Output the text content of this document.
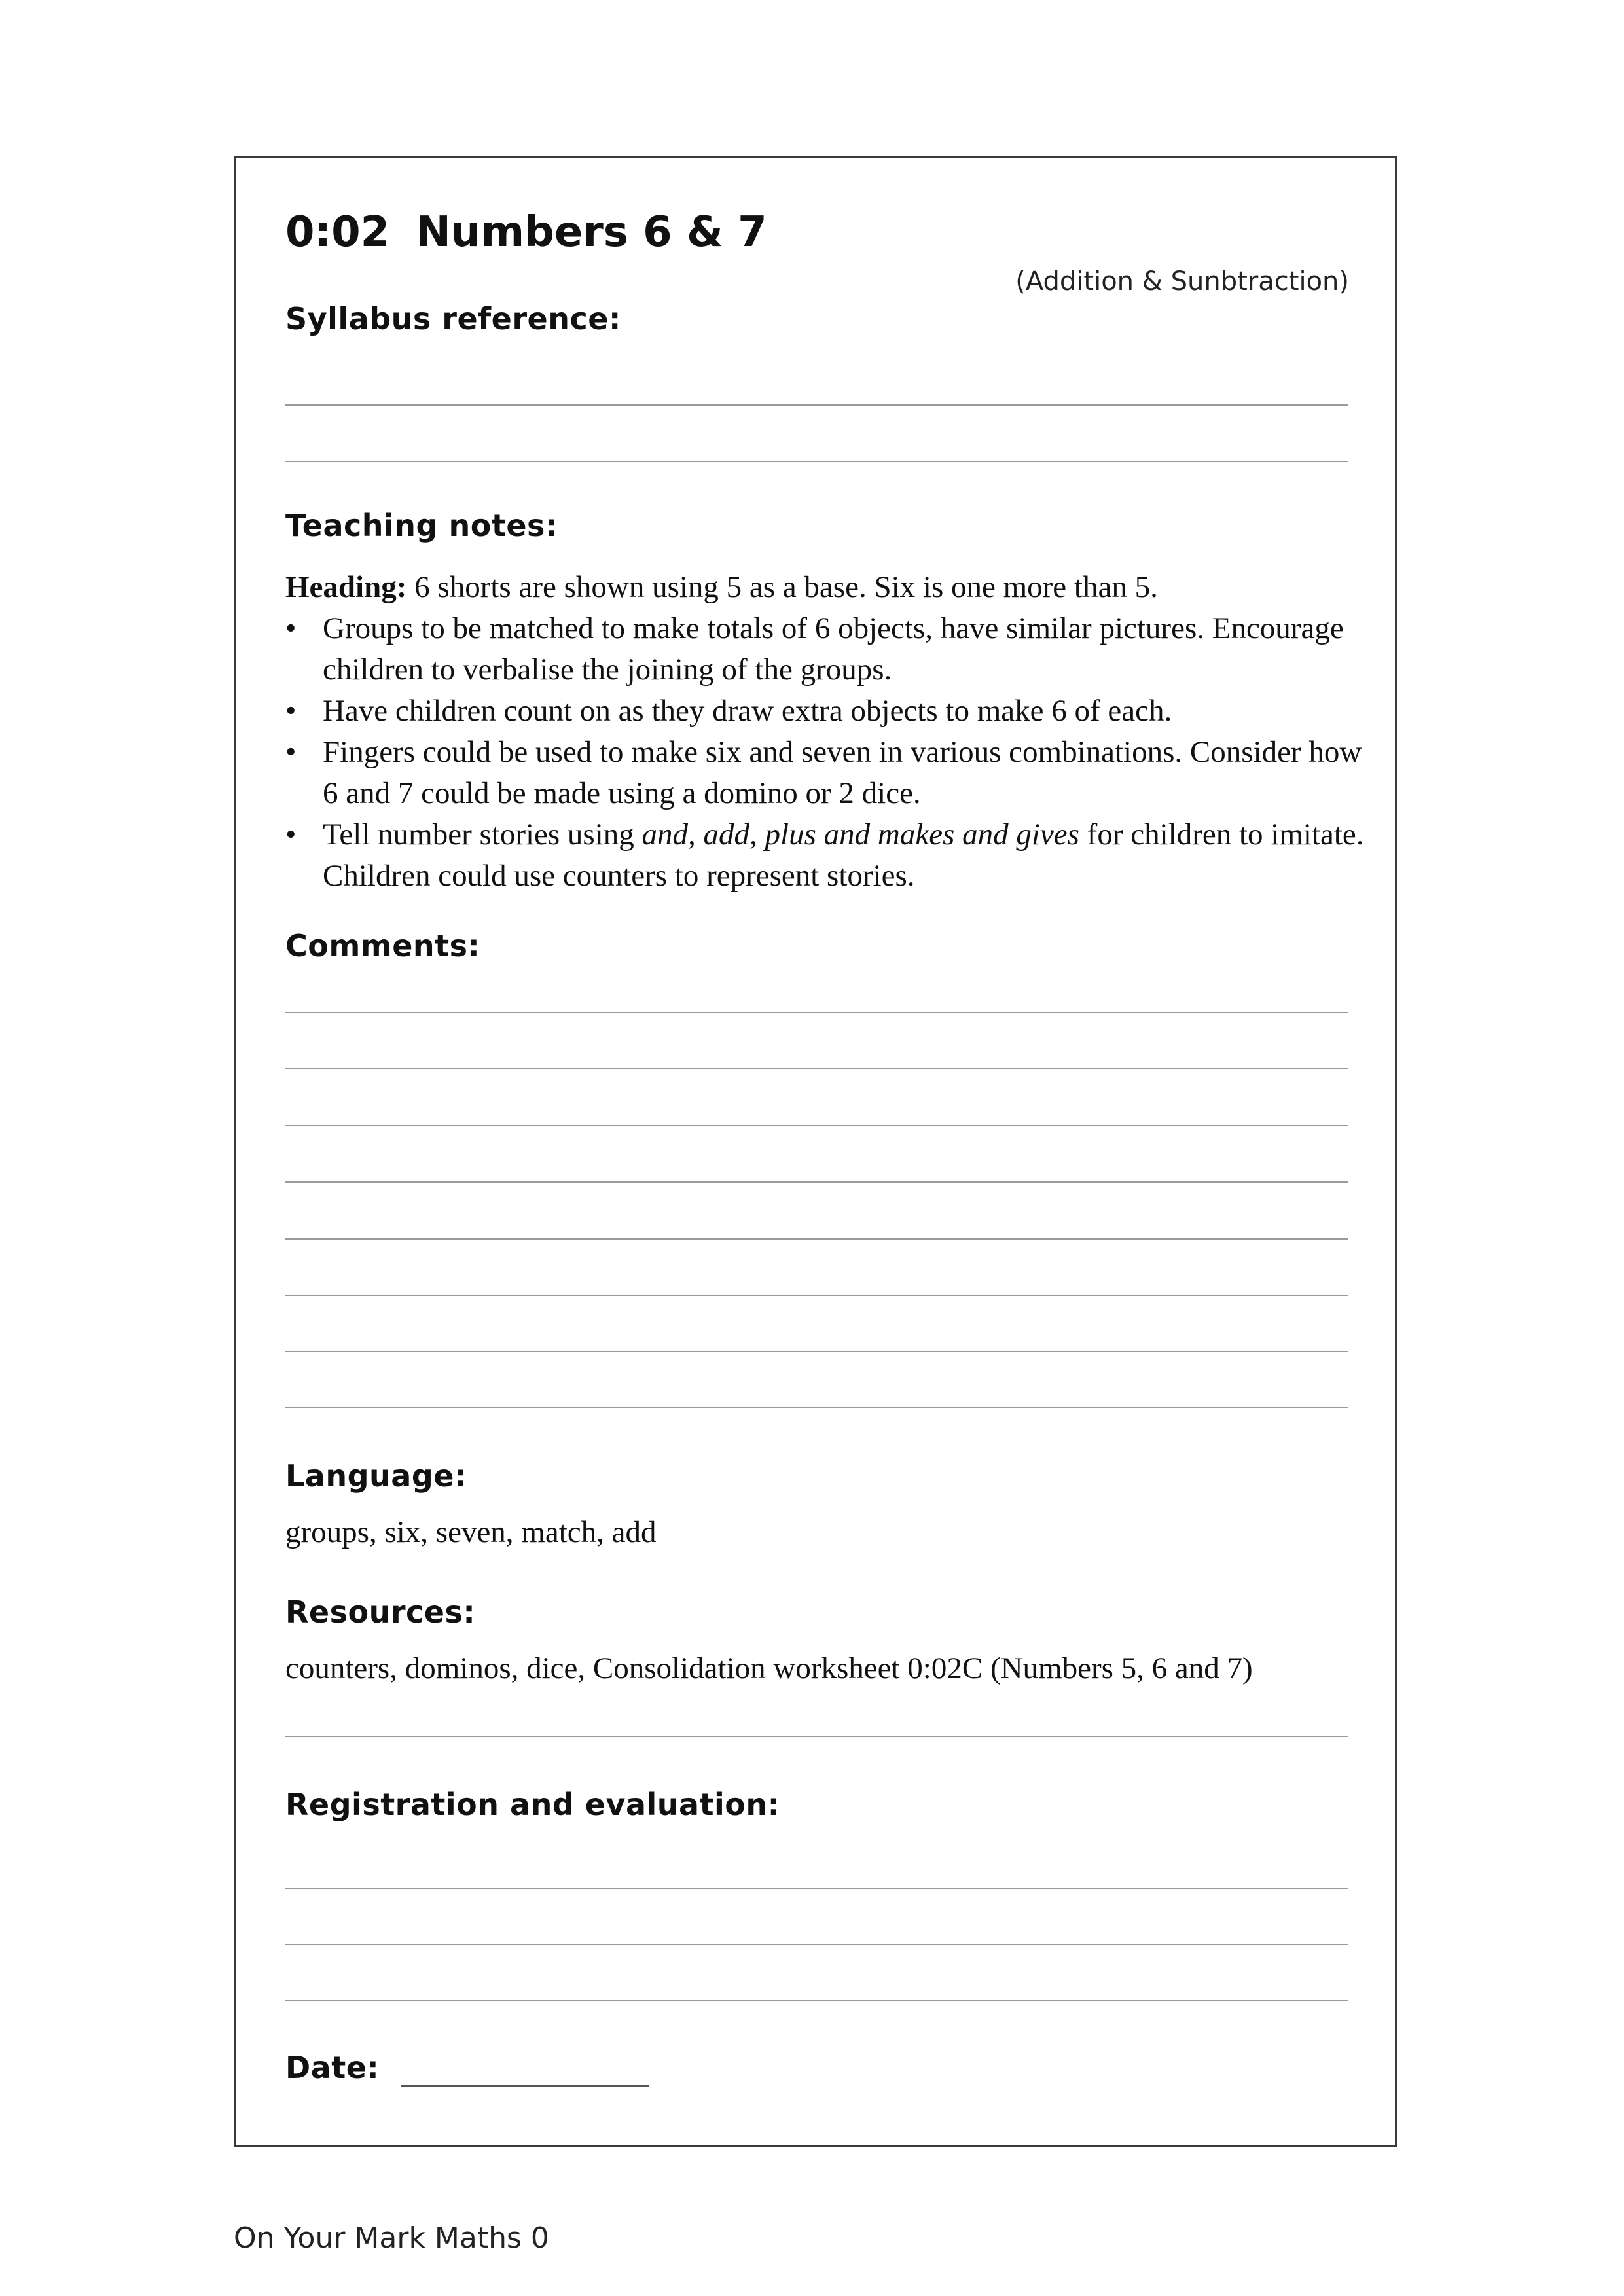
0:02 Numbers 6 & 7
(Addition & Sunbtraction)
Syllabus reference:
Teaching notes:
Heading: 6 shorts are shown using 5 as a base. Six is one more than 5.
• Groups to be matched to make totals of 6 objects, have similar pictures. Encourage children to verbalise the joining of the groups.
• Have children count on as they draw extra objects to make 6 of each.
• Fingers could be used to make six and seven in various combinations. Consider how 6 and 7 could be made using a domino or 2 dice.
• Tell number stories using and, add, plus and makes and gives for children to imitate. Children could use counters to represent stories.
Comments:
Language:
groups, six, seven, match, add
Resources:
counters, dominos, dice, Consolidation worksheet 0:02C (Numbers 5, 6 and 7)
Registration and evaluation:
Date:
On Your Mark Maths 0
